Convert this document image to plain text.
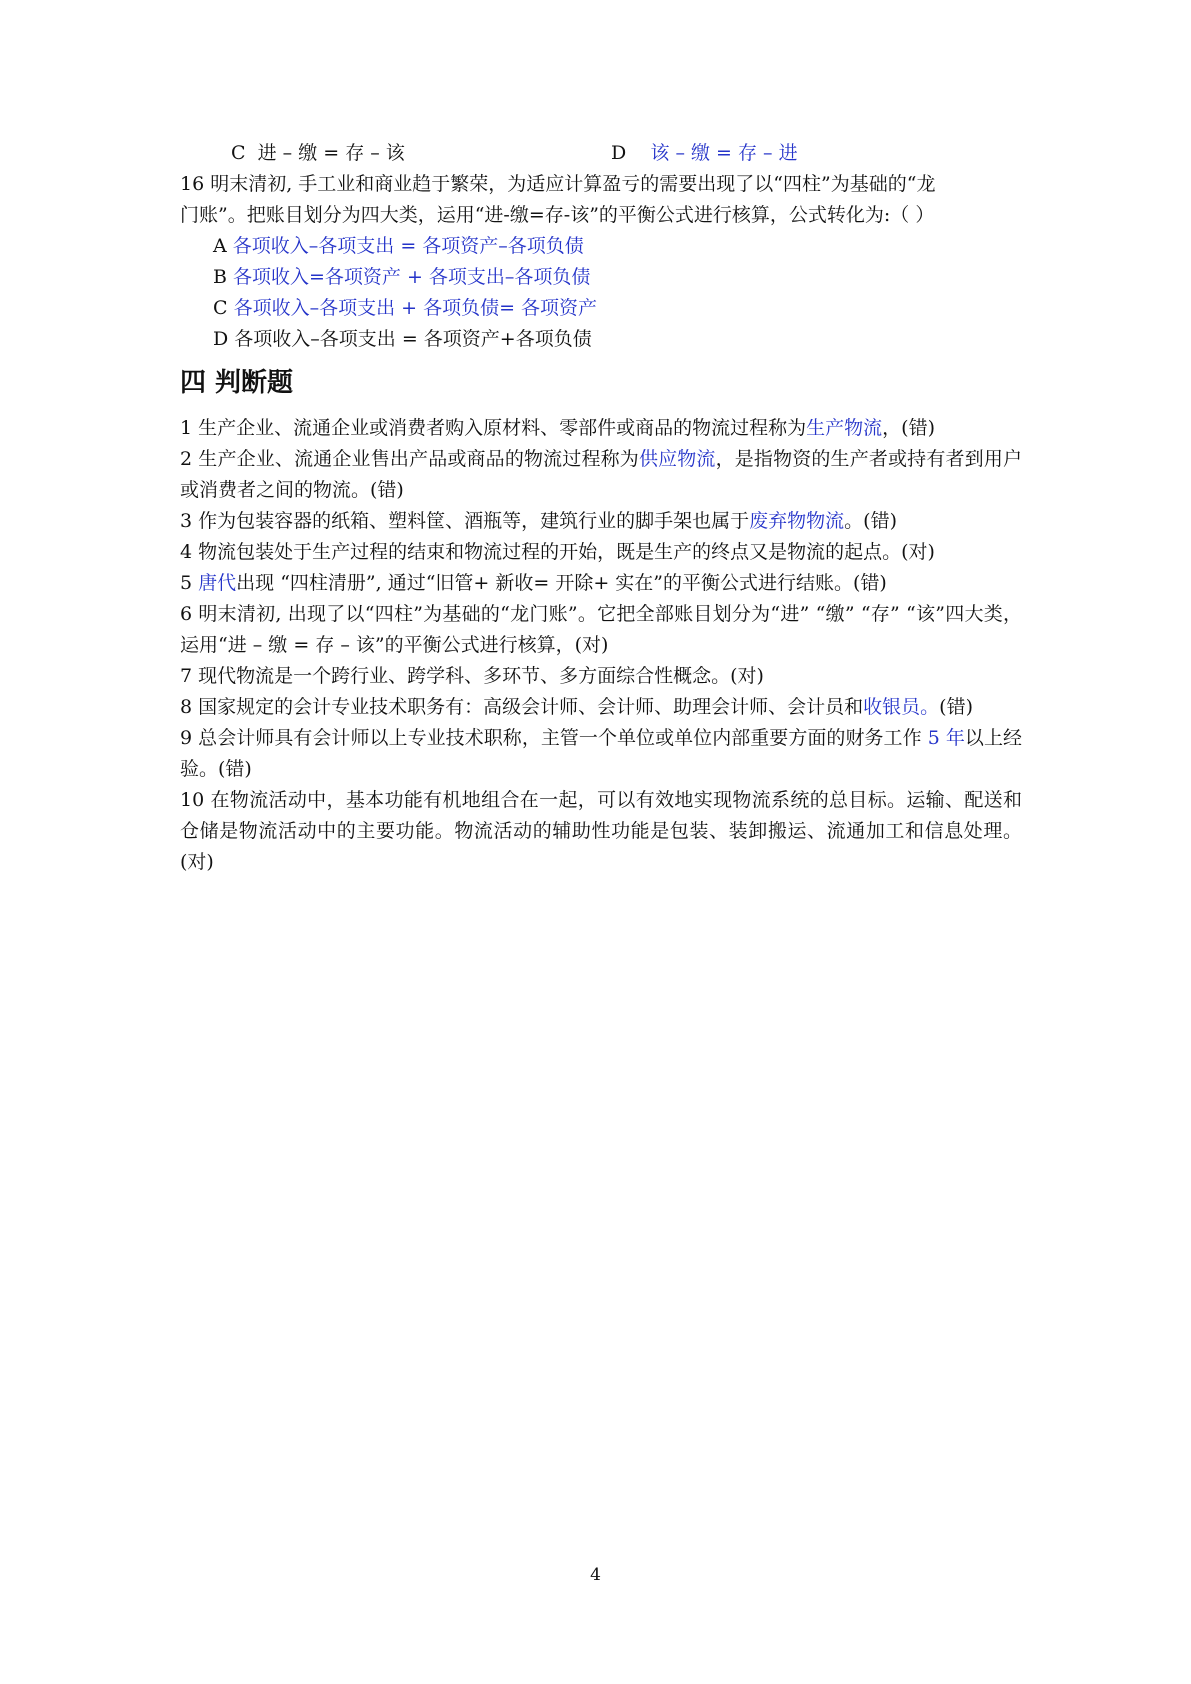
C 进 – 缴 = 存 – 该	D 该 – 缴 = 存 – 进
16 明末清初, 手工业和商业趋于繁荣，为适应计算盈亏的需要出现了以“四柱”为基础的“龙
门账”。把账目划分为四大类，运用“进-缴=存-该”的平衡公式进行核算，公式转化为:（ ）
A 各项收入–各项支出 = 各项资产–各项负债
B 各项收入=各项资产 + 各项支出–各项负债
C 各项收入–各项支出 + 各项负债= 各项资产
D 各项收入–各项支出 = 各项资产+各项负债
四 判断题
1 生产企业、流通企业或消费者购入原材料、零部件或商品的物流过程称为生产物流，(错)
2 生产企业、流通企业售出产品或商品的物流过程称为供应物流，是指物资的生产者或持有者到用户或消费者之间的物流。(错)
3 作为包装容器的纸箱、塑料筐、酒瓶等，建筑行业的脚手架也属于废弃物物流。(错)
4 物流包装处于生产过程的结束和物流过程的开始，既是生产的终点又是物流的起点。(对)
5 唐代出现 “四柱清册”, 通过“旧管+ 新收= 开除+ 实在”的平衡公式进行结账。(错)
6 明末清初, 出现了以“四柱”为基础的“龙门账”。它把全部账目划分为“进” “缴” “存” “该”四大类，运用“进 – 缴 = 存 – 该”的平衡公式进行核算，(对)
7 现代物流是一个跨行业、跨学科、多环节、多方面综合性概念。(对)
8 国家规定的会计专业技术职务有：高级会计师、会计师、助理会计师、会计员和收银员。(错)
9 总会计师具有会计师以上专业技术职称，主管一个单位或单位内部重要方面的财务工作 5 年以上经验。(错)
10 在物流活动中，基本功能有机地组合在一起，可以有效地实现物流系统的总目标。运输、配送和仓储是物流活动中的主要功能。物流活动的辅助性功能是包装、装卸搬运、流通加工和信息处理。(对)
4
